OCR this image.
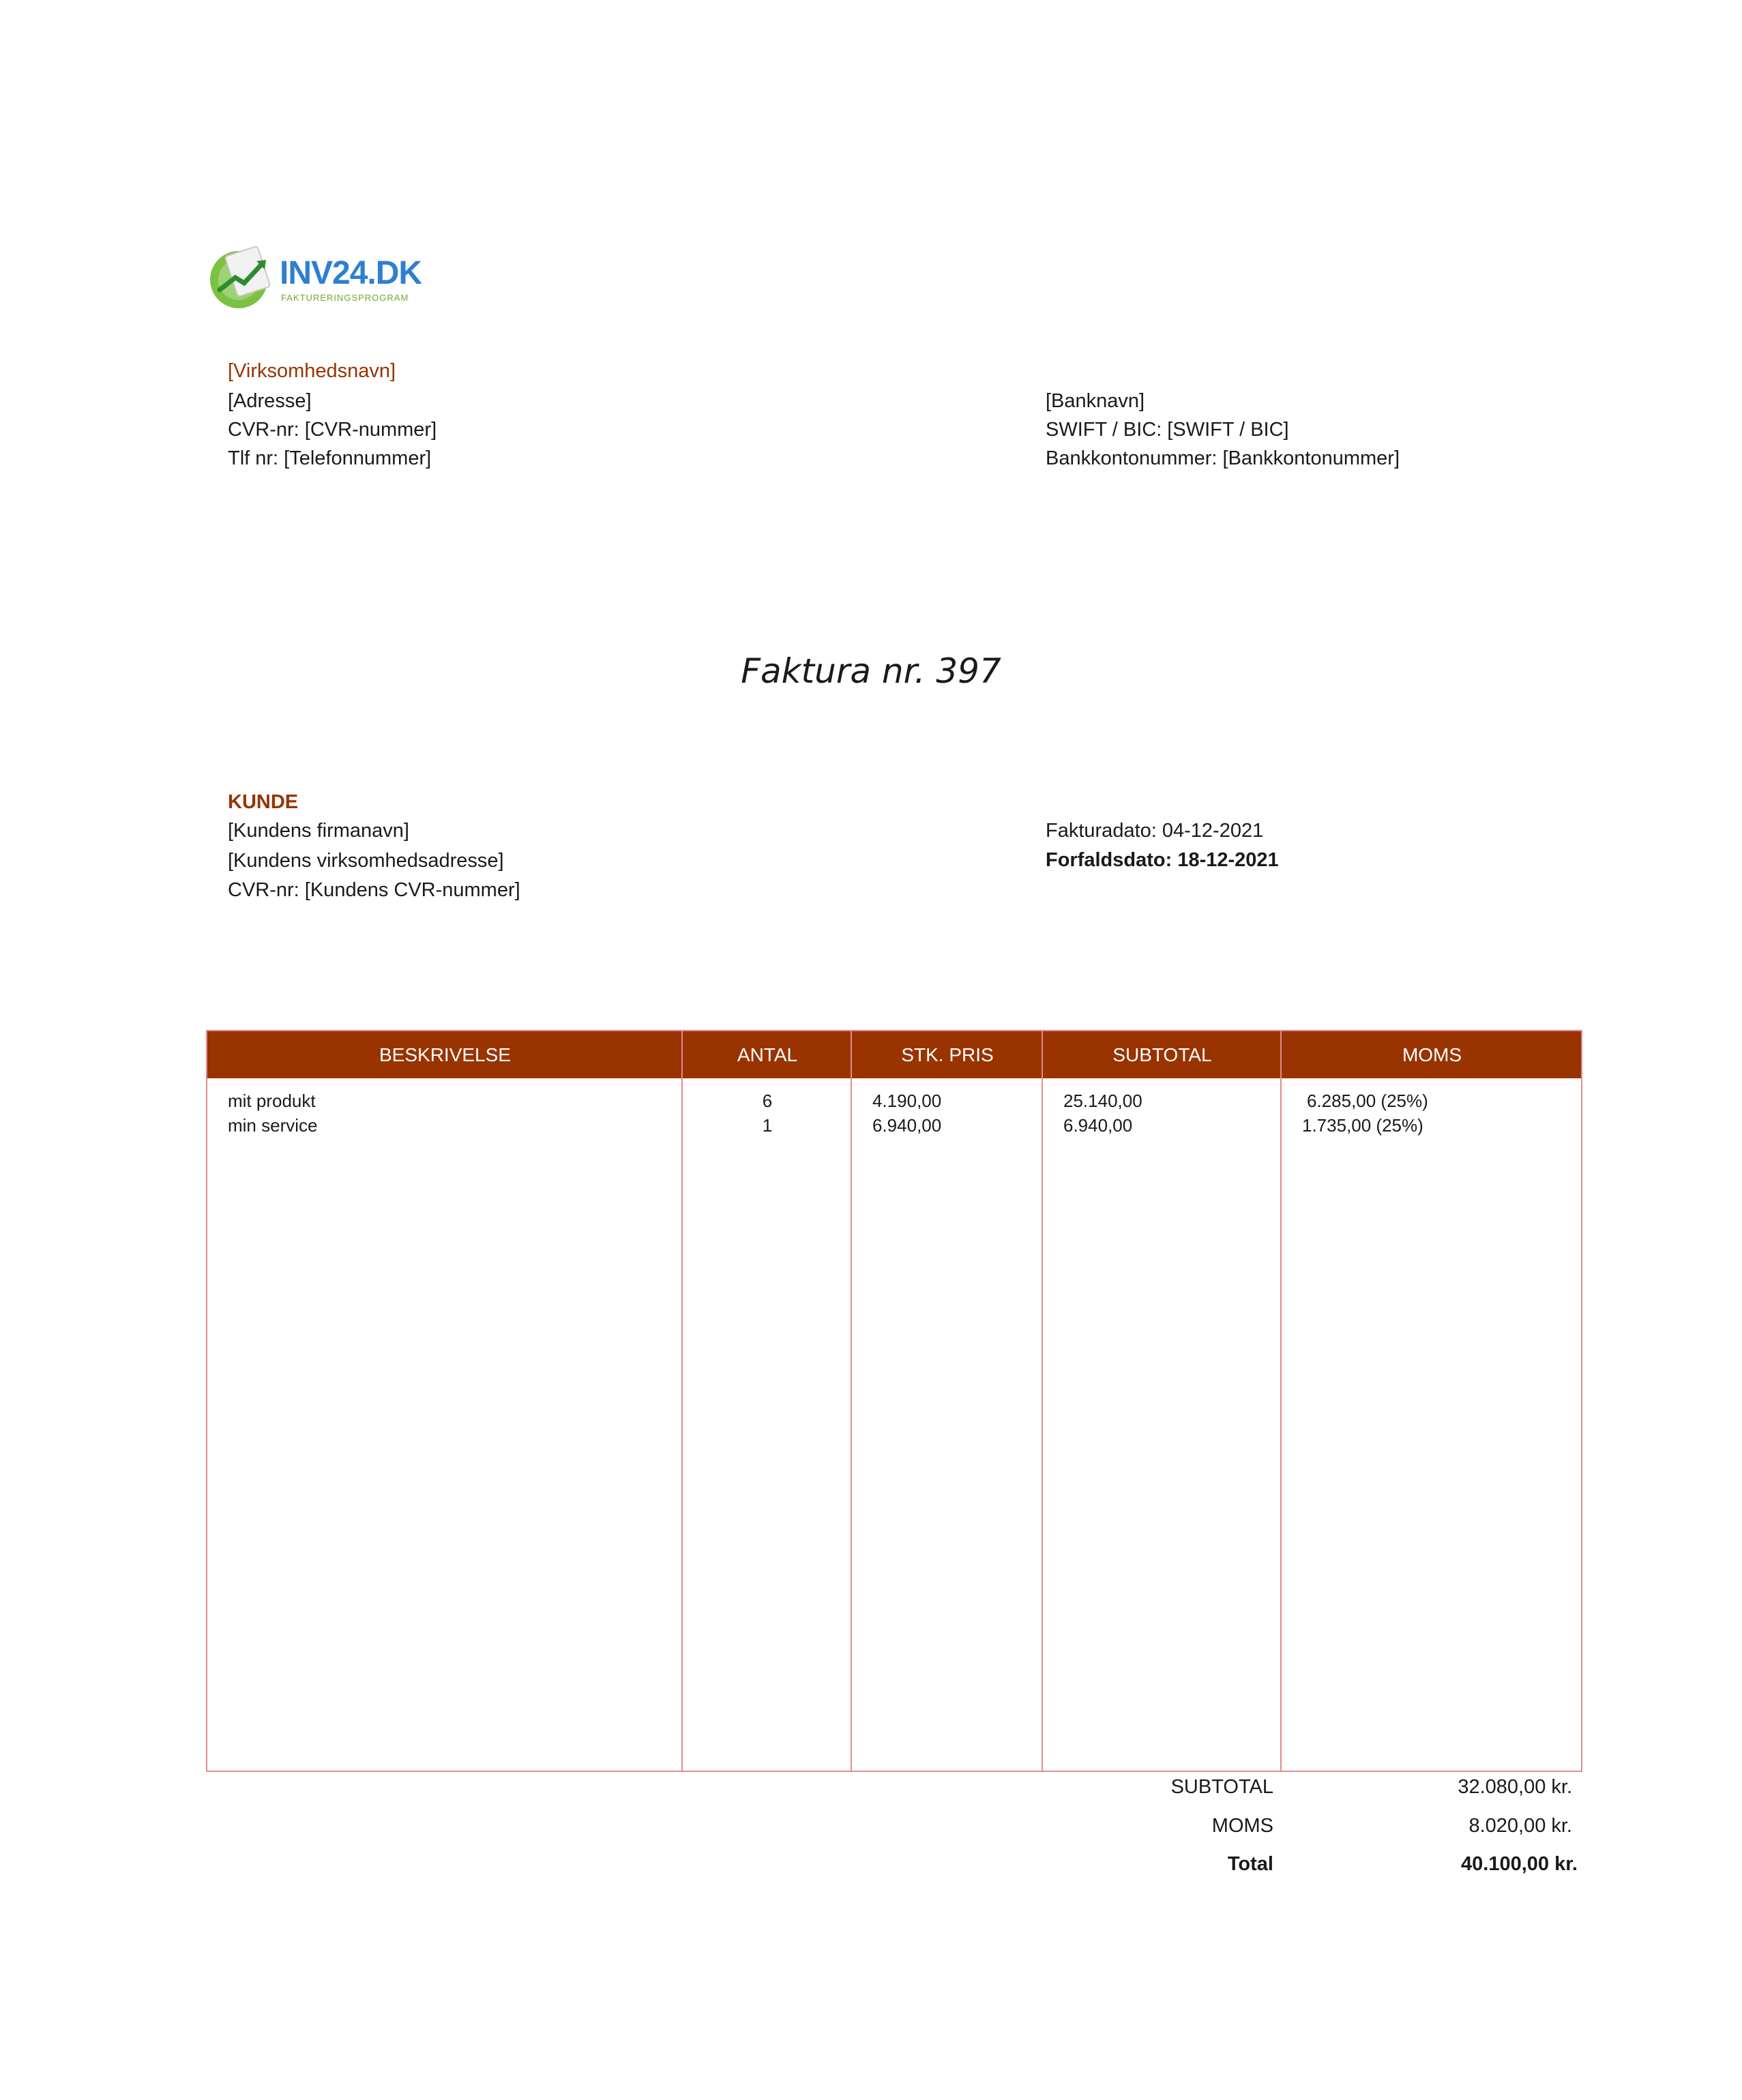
INV24.DK
FAKTURERINGSPROGRAM
[Virksomhedsnavn]
[Adresse]
CVR-nr: [CVR-nummer]
Tlf nr: [Telefonnummer]
[Banknavn]
SWIFT / BIC: [SWIFT / BIC]
Bankkontonummer: [Bankkontonummer]
Faktura nr. 397
KUNDE
[Kundens firmanavn]
[Kundens virksomhedsadresse]
CVR-nr: [Kundens CVR-nummer]
Fakturadato: 04-12-2021
Forfaldsdato: 18-12-2021
BESKRIVELSE	ANTAL	STK. PRIS	SUBTOTAL	MOMS
mit produkt	6	4.190,00	25.140,00	6.285,00 (25%)
min service	1	6.940,00	6.940,00	1.735,00 (25%)
SUBTOTAL	32.080,00 kr.
MOMS	8.020,00 kr.
Total	40.100,00 kr.
